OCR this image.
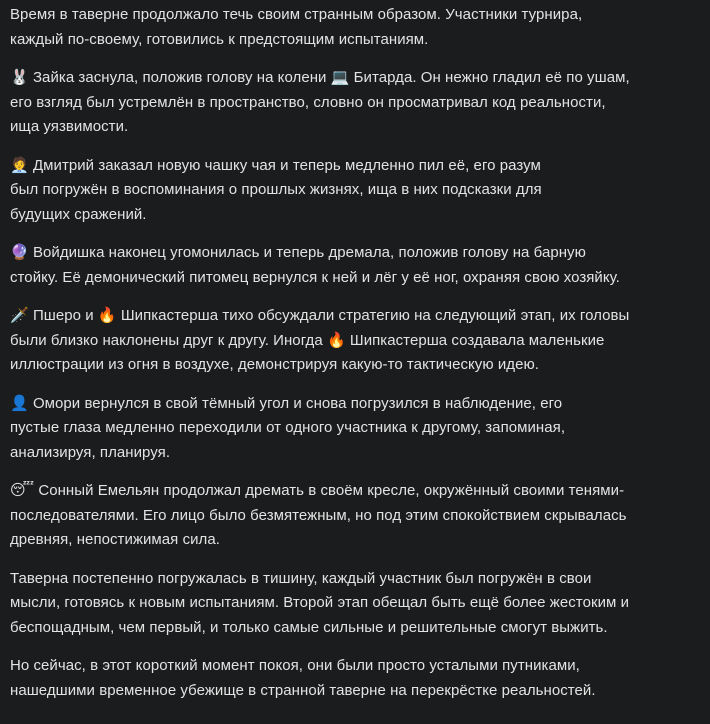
Время в таверне продолжало течь своим странным образом. Участники турнира,
каждый по-своему, готовились к предстоящим испытаниям.

🐰 Зайка заснула, положив голову на колени 💻 Битарда. Он нежно гладил её по ушам,
его взгляд был устремлён в пространство, словно он просматривал код реальности,
ища уязвимости.

🧑‍💼 Дмитрий заказал новую чашку чая и теперь медленно пил её, его разум
был погружён в воспоминания о прошлых жизнях, ища в них подсказки для
будущих сражений.

🔮 Войдишка наконец угомонилась и теперь дремала, положив голову на барную
стойку. Её демонический питомец вернулся к ней и лёг у её ног, охраняя свою хозяйку.

🗡️ Пшеро и 🔥 Шипкастерша тихо обсуждали стратегию на следующий этап, их головы
были близко наклонены друг к другу. Иногда 🔥 Шипкастерша создавала маленькие
иллюстрации из огня в воздухе, демонстрируя какую-то тактическую идею.

👤 Омори вернулся в свой тёмный угол и снова погрузился в наблюдение, его
пустые глаза медленно переходили от одного участника к другому, запоминая,
анализируя, планируя.

😴 Сонный Емельян продолжал дремать в своём кресле, окружённый своими тенями-
последователями. Его лицо было безмятежным, но под этим спокойствием скрывалась
древняя, непостижимая сила.

Таверна постепенно погружалась в тишину, каждый участник был погружён в свои
мысли, готовясь к новым испытаниям. Второй этап обещал быть ещё более жестоким и
беспощадным, чем первый, и только самые сильные и решительные смогут выжить.

Но сейчас, в этот короткий момент покоя, они были просто усталыми путниками,
нашедшими временное убежище в странной таверне на перекрёстке реальностей.
